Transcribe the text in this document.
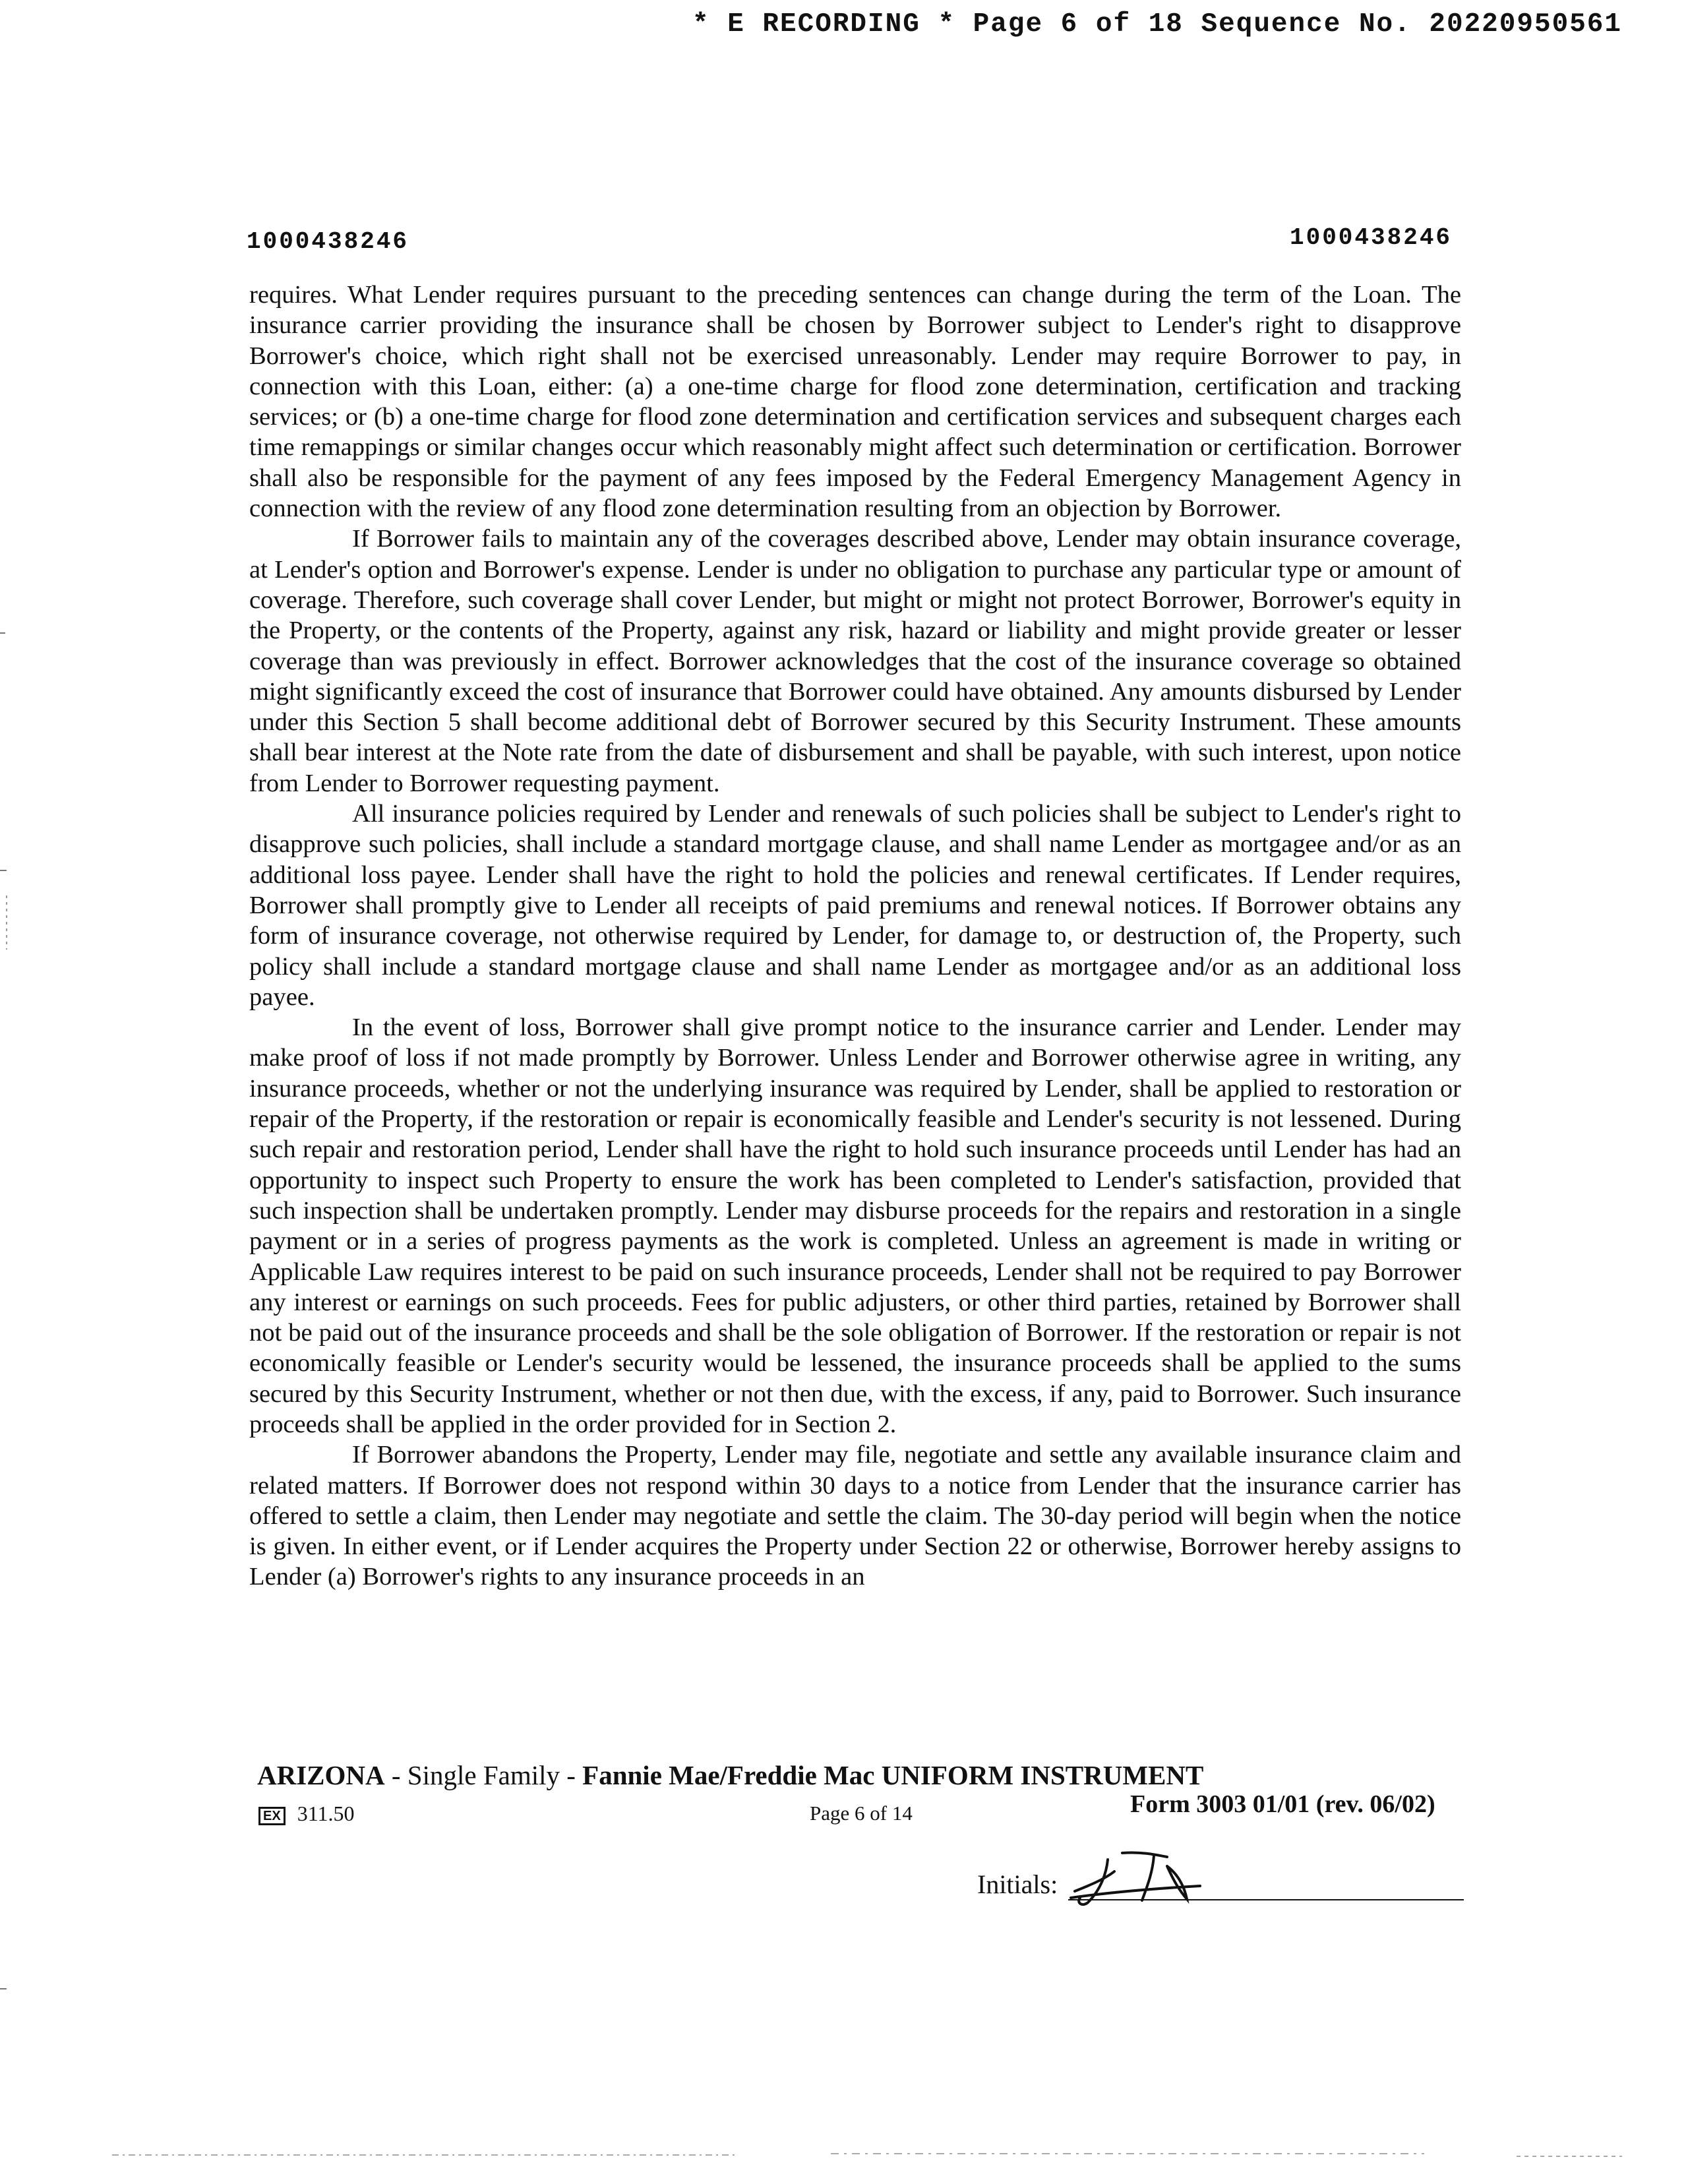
* E RECORDING * Page 6 of 18 Sequence No. 20220950561
1000438246	1000438246

requires. What Lender requires pursuant to the preceding sentences can change during the term of the Loan. The insurance carrier providing the insurance shall be chosen by Borrower subject to Lender's right to disapprove Borrower's choice, which right shall not be exercised unreasonably. Lender may require Borrower to pay, in connection with this Loan, either: (a) a one-time charge for flood zone determination, certification and tracking services; or (b) a one-time charge for flood zone determination and certification services and subsequent charges each time remappings or similar changes occur which reasonably might affect such determination or certification. Borrower shall also be responsible for the payment of any fees imposed by the Federal Emergency Management Agency in connection with the review of any flood zone determination resulting from an objection by Borrower.

If Borrower fails to maintain any of the coverages described above, Lender may obtain insurance coverage, at Lender's option and Borrower's expense. Lender is under no obligation to purchase any particular type or amount of coverage. Therefore, such coverage shall cover Lender, but might or might not protect Borrower, Borrower's equity in the Property, or the contents of the Property, against any risk, hazard or liability and might provide greater or lesser coverage than was previously in effect. Borrower acknowledges that the cost of the insurance coverage so obtained might significantly exceed the cost of insurance that Borrower could have obtained. Any amounts disbursed by Lender under this Section 5 shall become additional debt of Borrower secured by this Security Instrument. These amounts shall bear interest at the Note rate from the date of disbursement and shall be payable, with such interest, upon notice from Lender to Borrower requesting payment.

All insurance policies required by Lender and renewals of such policies shall be subject to Lender's right to disapprove such policies, shall include a standard mortgage clause, and shall name Lender as mortgagee and/or as an additional loss payee. Lender shall have the right to hold the policies and renewal certificates. If Lender requires, Borrower shall promptly give to Lender all receipts of paid premiums and renewal notices. If Borrower obtains any form of insurance coverage, not otherwise required by Lender, for damage to, or destruction of, the Property, such policy shall include a standard mortgage clause and shall name Lender as mortgagee and/or as an additional loss payee.

In the event of loss, Borrower shall give prompt notice to the insurance carrier and Lender. Lender may make proof of loss if not made promptly by Borrower. Unless Lender and Borrower otherwise agree in writing, any insurance proceeds, whether or not the underlying insurance was required by Lender, shall be applied to restoration or repair of the Property, if the restoration or repair is economically feasible and Lender's security is not lessened. During such repair and restoration period, Lender shall have the right to hold such insurance proceeds until Lender has had an opportunity to inspect such Property to ensure the work has been completed to Lender's satisfaction, provided that such inspection shall be undertaken promptly. Lender may disburse proceeds for the repairs and restoration in a single payment or in a series of progress payments as the work is completed. Unless an agreement is made in writing or Applicable Law requires interest to be paid on such insurance proceeds, Lender shall not be required to pay Borrower any interest or earnings on such proceeds. Fees for public adjusters, or other third parties, retained by Borrower shall not be paid out of the insurance proceeds and shall be the sole obligation of Borrower. If the restoration or repair is not economically feasible or Lender's security would be lessened, the insurance proceeds shall be applied to the sums secured by this Security Instrument, whether or not then due, with the excess, if any, paid to Borrower. Such insurance proceeds shall be applied in the order provided for in Section 2.

If Borrower abandons the Property, Lender may file, negotiate and settle any available insurance claim and related matters. If Borrower does not respond within 30 days to a notice from Lender that the insurance carrier has offered to settle a claim, then Lender may negotiate and settle the claim. The 30-day period will begin when the notice is given. In either event, or if Lender acquires the Property under Section 22 or otherwise, Borrower hereby assigns to Lender (a) Borrower's rights to any insurance proceeds in an

ARIZONA - Single Family - Fannie Mae/Freddie Mac UNIFORM INSTRUMENT
EX 311.50	Page 6 of 14	Form 3003 01/01 (rev. 06/02)
Initials:
